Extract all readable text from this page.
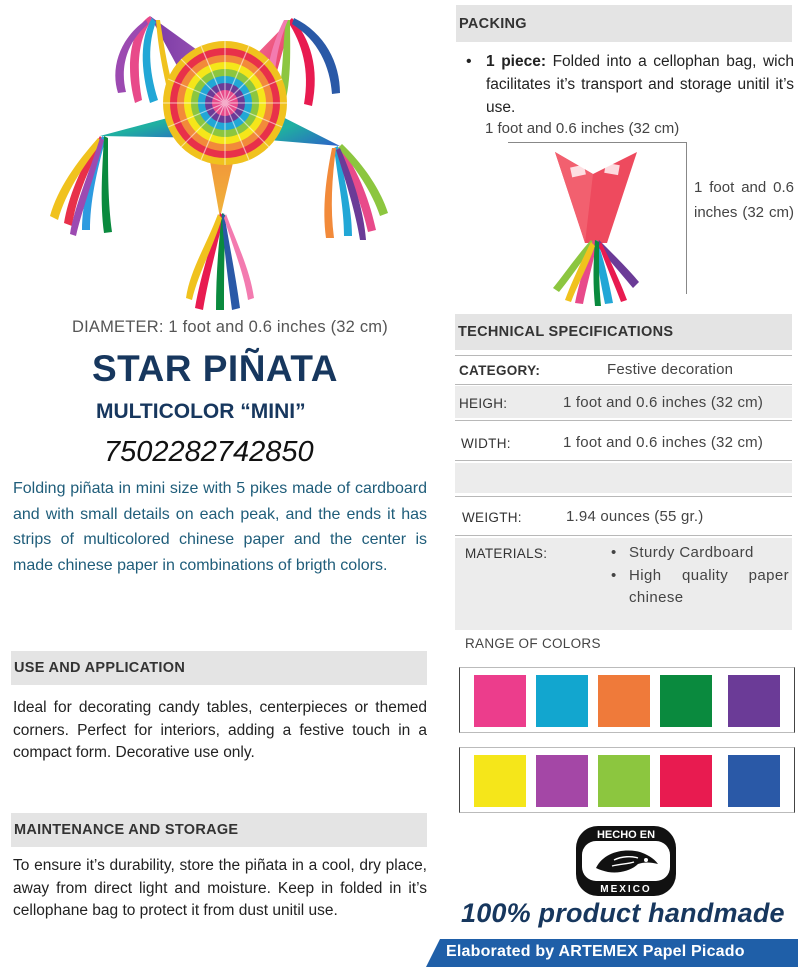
DIAMETER: 1 foot and 0.6 inches (32 cm)
STAR PIÑATA
MULTICOLOR “MINI”
7502282742850
Folding piñata in mini size with 5 pikes made of cardboard and with small details on each peak, and the ends it has strips of multicolored chinese paper and the center is made chinese paper in combinations of brigth colors.
USE AND APPLICATION
Ideal for decorating candy tables, centerpieces or themed corners. Perfect for interiors, adding a festive touch in a compact form. Decorative use only.
MAINTENANCE AND STORAGE
To ensure it’s durability, store the piñata in a cool, dry place, away from direct light and moisture. Keep in folded in it’s cellophane bag to protect it from dust unitil use.
PACKING
• 1 piece: Folded into a cellophan bag, wich facilitates it’s transport and storage unitil it’s use.
1 foot and 0.6 inches (32 cm)
1 foot and 0.6 inches (32 cm)
TECHNICAL SPECIFICATIONS
CATEGORY:	Festive decoration
HEIGH:	1 foot and 0.6 inches (32 cm)
WIDTH:	1 foot and 0.6 inches (32 cm)
WEIGTH:	1.94 ounces (55 gr.)
MATERIALS:	• Sturdy Cardboard
• High quality paper chinese
RANGE OF COLORS
HECHO EN
MEXICO
100% product handmade
Elaborated by ARTEMEX Papel Picado
